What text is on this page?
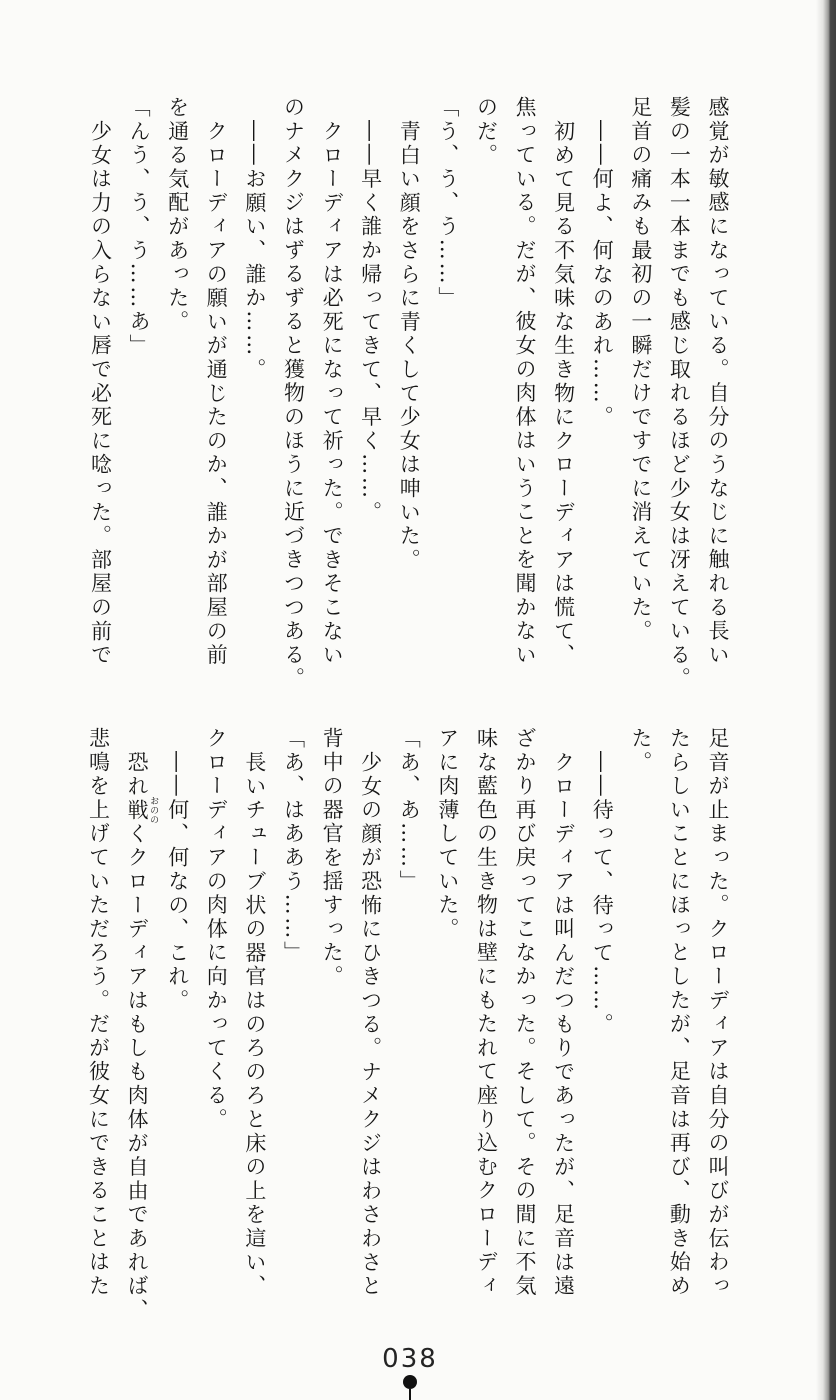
感覚が敏感になっている。自分のうなじに触れる長い

髪の一本一本までも感じ取れるほど少女は冴えている。

足首の痛みも最初の一瞬だけですでに消えていた。

――何よ、何なのあれ……。

初めて見る不気味な生き物にクローディアは慌て、

焦っている。だが、彼女の肉体はいうことを聞かない

のだ。

「う、う、う……」

青白い顔をさらに青くして少女は呻いた。

――早く誰か帰ってきて、早く……。

クローディアは必死になって祈った。できそこない

のナメクジはずるずると獲物のほうに近づきつつある。

――お願い、誰か……。

クローディアの願いが通じたのか、誰かが部屋の前

を通る気配があった。

「んう、う、う……あ」

少女は力の入らない唇で必死に唸った。部屋の前で

足音が止まった。クローディアは自分の叫びが伝わっ

たらしいことにほっとしたが、足音は再び、動き始め

た。

――待って、待って……。

クローディアは叫んだつもりであったが、足音は遠

ざかり再び戻ってこなかった。そして。その間に不気

味な藍色の生き物は壁にもたれて座り込むクローディ

アに肉薄していた。

「あ、あ……」

少女の顔が恐怖にひきつる。ナメクジはわさわさと

背中の器官を揺すった。

「あ、はああう……」

長いチューブ状の器官はのろのろと床の上を這い、

クローディアの肉体に向かってくる。

――何、何なの、これ。

恐れ戦 おののくクローディアはもしも肉体が自由であれば、

悲鳴を上げていただろう。だが彼女にできることはた

038
